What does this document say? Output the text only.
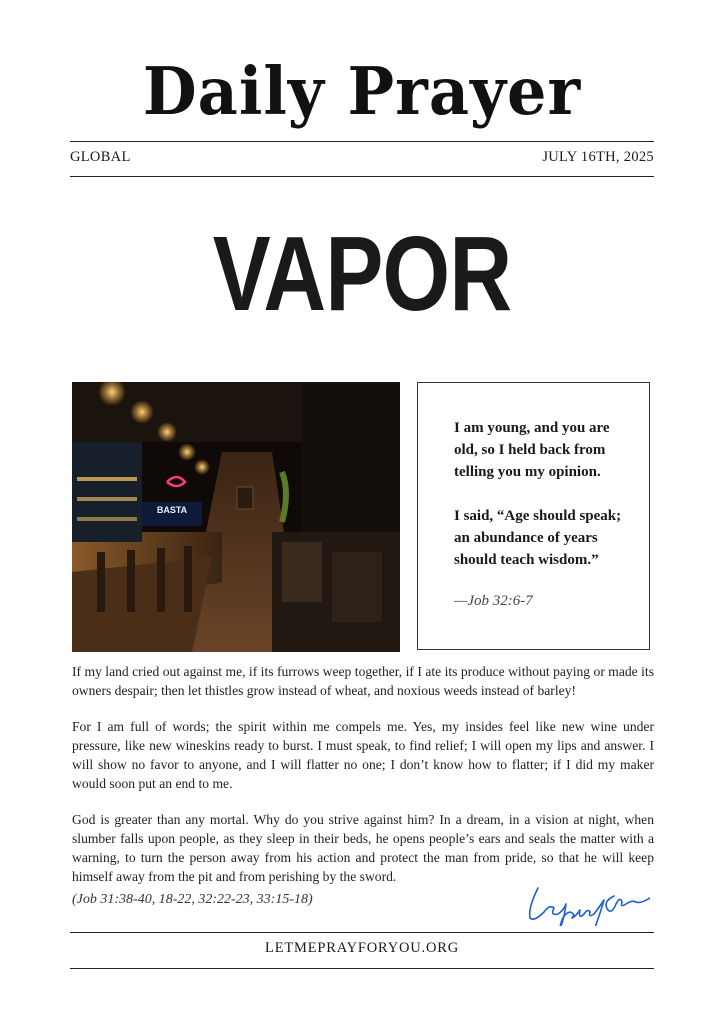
Daily Prayer
GLOBAL	JULY 16TH, 2025
VAPOR
BASTA

I am young, and you are old, so I held back from telling you my opinion.

I said, “Age should speak; an abundance of years should teach wisdom.”

—Job 32:6-7

If my land cried out against me, if its furrows weep together, if I ate its produce without paying or made its owners despair; then let thistles grow instead of wheat, and noxious weeds instead of barley!

For I am full of words; the spirit within me compels me. Yes, my insides feel like new wine under pressure, like new wineskins ready to burst. I must speak, to find relief; I will open my lips and answer. I will show no favor to anyone, and I will flatter no one; I don’t know how to flatter; if I did my maker would soon put an end to me.

God is greater than any mortal. Why do you strive against him? In a dream, in a vision at night, when slumber falls upon people, as they sleep in their beds, he opens people’s ears and seals the matter with a warning, to turn the person away from his action and protect the man from pride, so that he will keep himself away from the pit and from perishing by the sword.

(Job 31:38-40, 18-22, 32:22-23, 33:15-18)
LETMEPRAYFORYOU.ORG
